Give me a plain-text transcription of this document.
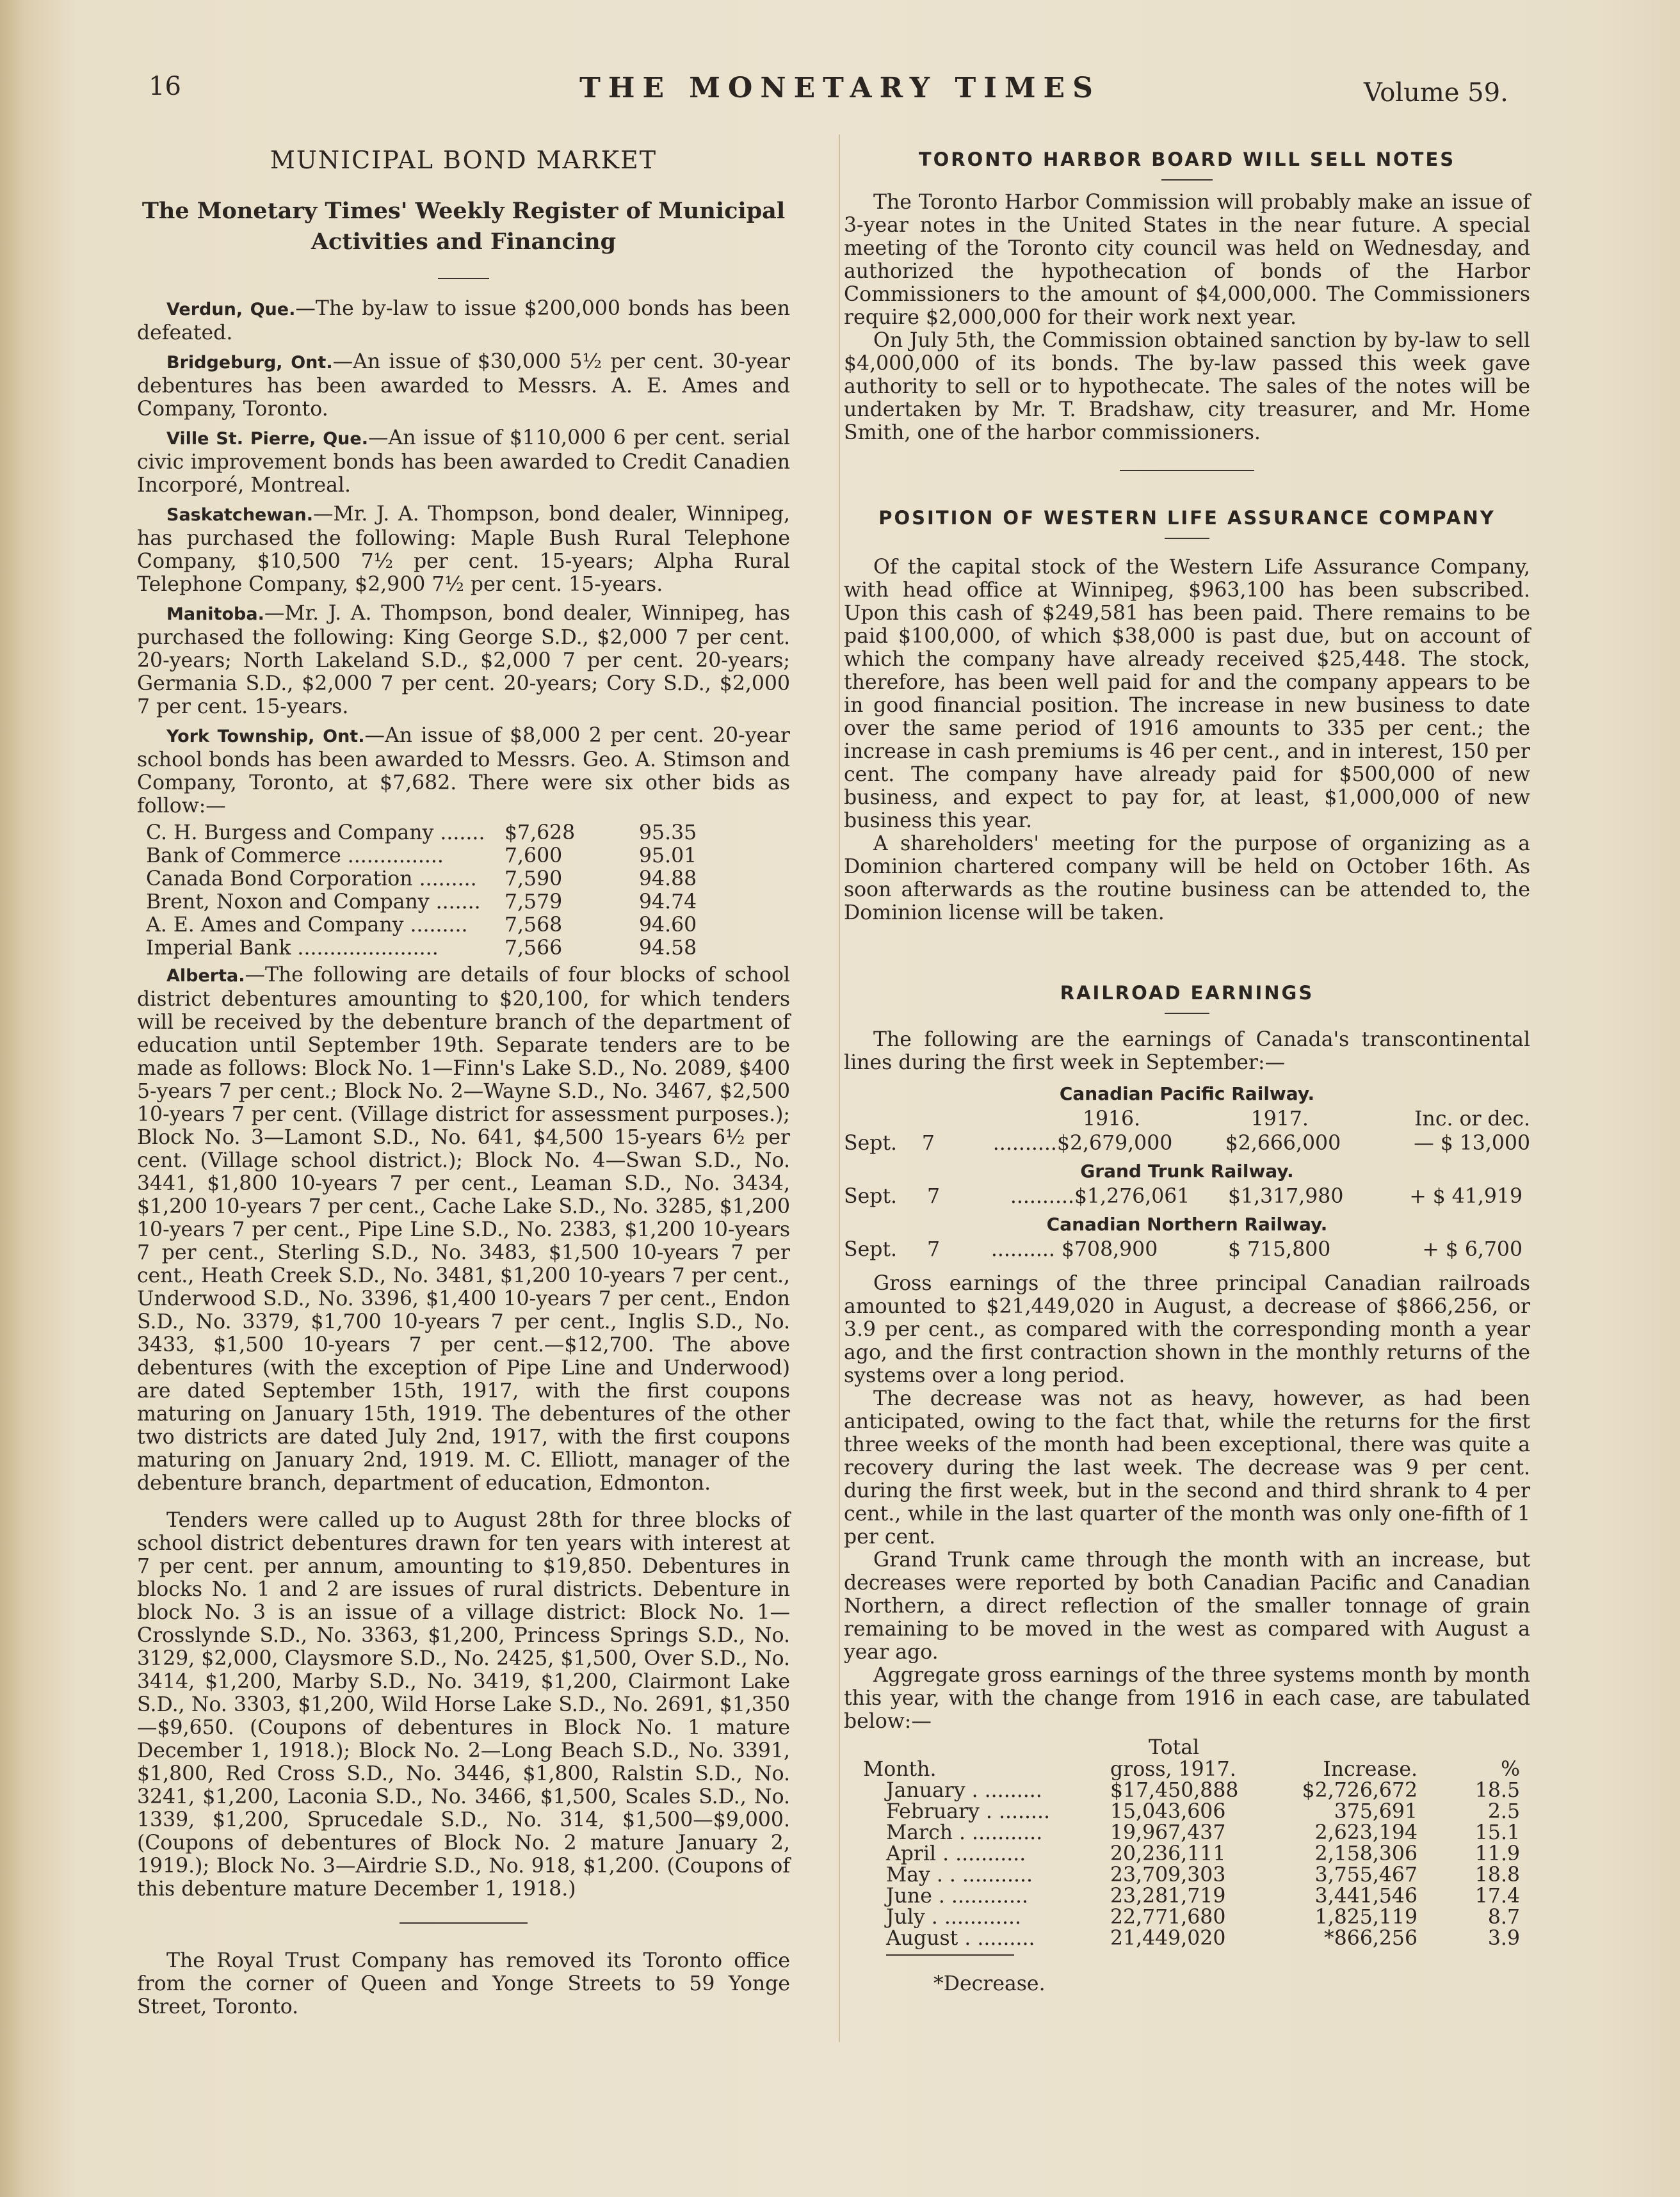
16	THE MONETARY TIMES	Volume 59.
MUNICIPAL BOND MARKET
The Monetary Times' Weekly Register of Municipal
Activities and Financing

Verdun, Que.—The by-law to issue $200,000 bonds has been defeated.

Bridgeburg, Ont.—An issue of $30,000 5½ per cent. 30-year debentures has been awarded to Messrs. A. E. Ames and Company, Toronto.

Ville St. Pierre, Que.—An issue of $110,000 6 per cent. serial civic improvement bonds has been awarded to Credit Canadien Incorporé, Montreal.

Saskatchewan.—Mr. J. A. Thompson, bond dealer, Winnipeg, has purchased the following: Maple Bush Rural Telephone Company, $10,500 7½ per cent. 15-years; Alpha Rural Telephone Company, $2,900 7½ per cent. 15-years.

Manitoba.—Mr. J. A. Thompson, bond dealer, Winnipeg, has purchased the following: King George S.D., $2,000 7 per cent. 20-years; North Lakeland S.D., $2,000 7 per cent. 20-years; Germania S.D., $2,000 7 per cent. 20-years; Cory S.D., $2,000 7 per cent. 15-years.

York Township, Ont.—An issue of $8,000 2 per cent. 20-year school bonds has been awarded to Messrs. Geo. A. Stimson and Company, Toronto, at $7,682. There were six other bids as follow:—

C. H. Burgess and Company .......	$7,628	95.35
Bank of Commerce ...............	7,600	95.01
Canada Bond Corporation .........	7,590	94.88
Brent, Noxon and Company .......	7,579	94.74
A. E. Ames and Company .........	7,568	94.60
Imperial Bank ......................	7,566	94.58

Alberta.—The following are details of four blocks of school district debentures amounting to $20,100, for which tenders will be received by the debenture branch of the department of education until September 19th. Separate tenders are to be made as follows: Block No. 1—Finn's Lake S.D., No. 2089, $400 5-years 7 per cent.; Block No. 2—Wayne S.D., No. 3467, $2,500 10-years 7 per cent. (Village district for assessment purposes.); Block No. 3—Lamont S.D., No. 641, $4,500 15-years 6½ per cent. (Village school district.); Block No. 4—Swan S.D., No. 3441, $1,800 10-years 7 per cent., Leaman S.D., No. 3434, $1,200 10-years 7 per cent., Cache Lake S.D., No. 3285, $1,200 10-years 7 per cent., Pipe Line S.D., No. 2383, $1,200 10-years 7 per cent., Sterling S.D., No. 3483, $1,500 10-years 7 per cent., Heath Creek S.D., No. 3481, $1,200 10-years 7 per cent., Underwood S.D., No. 3396, $1,400 10-years 7 per cent., Endon S.D., No. 3379, $1,700 10-years 7 per cent., Inglis S.D., No. 3433, $1,500 10-years 7 per cent.—$12,700. The above debentures (with the exception of Pipe Line and Underwood) are dated September 15th, 1917, with the first coupons maturing on January 15th, 1919. The debentures of the other two districts are dated July 2nd, 1917, with the first coupons maturing on January 2nd, 1919. M. C. Elliott, manager of the debenture branch, department of education, Edmonton.

Tenders were called up to August 28th for three blocks of school district debentures drawn for ten years with interest at 7 per cent. per annum, amounting to $19,850. Debentures in blocks No. 1 and 2 are issues of rural districts. Debenture in block No. 3 is an issue of a village district: Block No. 1—Crosslynde S.D., No. 3363, $1,200, Princess Springs S.D., No. 3129, $2,000, Claysmore S.D., No. 2425, $1,500, Over S.D., No. 3414, $1,200, Marby S.D., No. 3419, $1,200, Clairmont Lake S.D., No. 3303, $1,200, Wild Horse Lake S.D., No. 2691, $1,350—$9,650. (Coupons of debentures in Block No. 1 mature December 1, 1918.); Block No. 2—Long Beach S.D., No. 3391, $1,800, Red Cross S.D., No. 3446, $1,800, Ralstin S.D., No. 3241, $1,200, Laconia S.D., No. 3466, $1,500, Scales S.D., No. 1339, $1,200, Sprucedale S.D., No. 314, $1,500—$9,000. (Coupons of debentures of Block No. 2 mature January 2, 1919.); Block No. 3—Airdrie S.D., No. 918, $1,200. (Coupons of this debenture mature December 1, 1918.)

The Royal Trust Company has removed its Toronto office from the corner of Queen and Yonge Streets to 59 Yonge Street, Toronto.

TORONTO HARBOR BOARD WILL SELL NOTES

The Toronto Harbor Commission will probably make an issue of 3-year notes in the United States in the near future. A special meeting of the Toronto city council was held on Wednesday, and authorized the hypothecation of bonds of the Harbor Commissioners to the amount of $4,000,000. The Commissioners require $2,000,000 for their work next year.

On July 5th, the Commission obtained sanction by by-law to sell $4,000,000 of its bonds. The by-law passed this week gave authority to sell or to hypothecate. The sales of the notes will be undertaken by Mr. T. Bradshaw, city treasurer, and Mr. Home Smith, one of the harbor commissioners.

POSITION OF WESTERN LIFE ASSURANCE COMPANY

Of the capital stock of the Western Life Assurance Company, with head office at Winnipeg, $963,100 has been subscribed. Upon this cash of $249,581 has been paid. There remains to be paid $100,000, of which $38,000 is past due, but on account of which the company have already received $25,448. The stock, therefore, has been well paid for and the company appears to be in good financial position. The increase in new business to date over the same period of 1916 amounts to 335 per cent.; the increase in cash premiums is 46 per cent., and in interest, 150 per cent. The company have already paid for $500,000 of new business, and expect to pay for, at least, $1,000,000 of new business this year.

A shareholders' meeting for the purpose of organizing as a Dominion chartered company will be held on October 16th. As soon afterwards as the routine business can be attended to, the Dominion license will be taken.

RAILROAD EARNINGS

The following are the earnings of Canada's transcontinental lines during the first week in September:—

Canadian Pacific Railway.
			1916.	1917.	Inc. or dec.
Sept.	7	..........	$2,679,000	$2,666,000	— $ 13,000
Grand Trunk Railway.
Sept.	7	..........	$1,276,061	$1,317,980	+ $ 41,919
Canadian Northern Railway.
Sept.	7	.......... $	708,900	$ 715,800	+ $ 6,700

Gross earnings of the three principal Canadian railroads amounted to $21,449,020 in August, a decrease of $866,256, or 3.9 per cent., as compared with the corresponding month a year ago, and the first contraction shown in the monthly returns of the systems over a long period.

The decrease was not as heavy, however, as had been anticipated, owing to the fact that, while the returns for the first three weeks of the month had been exceptional, there was quite a recovery during the last week. The decrease was 9 per cent. during the first week, but in the second and third shrank to 4 per cent., while in the last quarter of the month was only one-fifth of 1 per cent.

Grand Trunk came through the month with an increase, but decreases were reported by both Canadian Pacific and Canadian Northern, a direct reflection of the smaller tonnage of grain remaining to be moved in the west as compared with August a year ago.

Aggregate gross earnings of the three systems month by month this year, with the change from 1916 in each case, are tabulated below:—

	Total		
Month.	gross, 1917.	Increase.	%
January . .........	$17,450,888	$2,726,672	18.5
February . ........	15,043,606	375,691	2.5
March . ...........	19,967,437	2,623,194	15.1
April . ...........	20,236,111	2,158,306	11.9
May . . ...........	23,709,303	3,755,467	18.8
June . ............	23,281,719	3,441,546	17.4
July . ............	22,771,680	1,825,119	8.7
August . .........	21,449,020	*866,256	3.9
*Decrease.
